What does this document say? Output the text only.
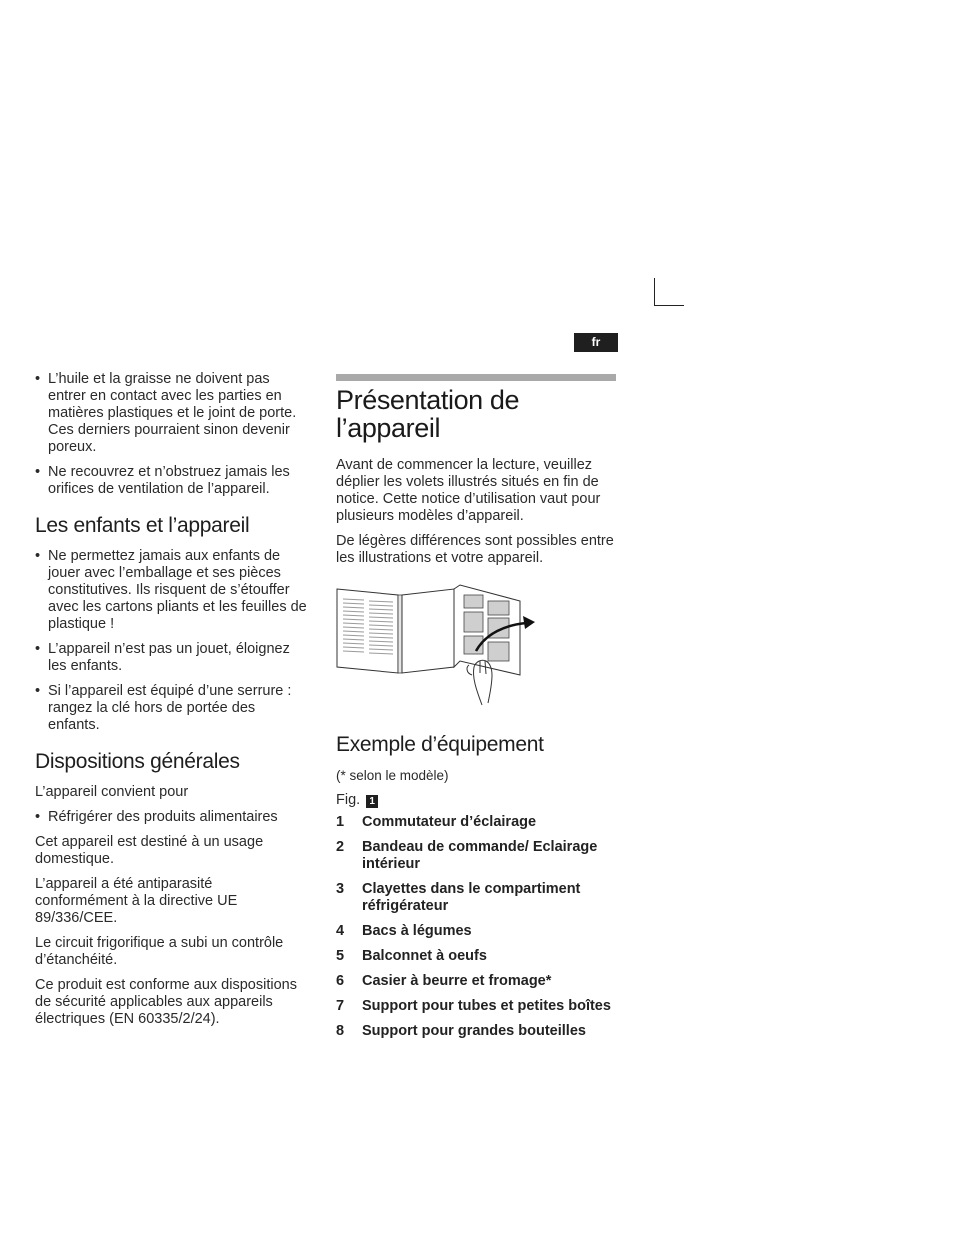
fr
• L’huile et la graisse ne doivent pas entrer en contact avec les parties en matières plastiques et le joint de porte. Ces derniers pourraient sinon devenir poreux.
• Ne recouvrez et n’obstruez jamais les orifices de ventilation de l’appareil.
Les enfants et l’appareil
• Ne permettez jamais aux enfants de jouer avec l’emballage et ses pièces constitutives. Ils risquent de s’étouffer avec les cartons pliants et les feuilles de plastique !
• L’appareil n’est pas un jouet, éloignez les enfants.
• Si l’appareil est équipé d’une serrure : rangez la clé hors de portée des enfants.
Dispositions générales

L’appareil convient pour

• Réfrigérer des produits alimentaires

Cet appareil est destiné à un usage domestique.

L’appareil a été antiparasité conformément à la directive UE 89/336/CEE.

Le circuit frigorifique a subi un contrôle d’étanchéité.

Ce produit est conforme aux dispositions de sécurité applicables aux appareils électriques (EN 60335/2/24).

Présentation de l’appareil

Avant de commencer la lecture, veuillez déplier les volets illustrés situés en fin de notice. Cette notice d’utilisation vaut pour plusieurs modèles d’appareil.

De légères différences sont possibles entre les illustrations et votre appareil.

Exemple d’équipement

(* selon le modèle)

Fig. 1
1	Commutateur d’éclairage
2	Bandeau de commande/ Eclairage intérieur
3	Clayettes dans le compartiment réfrigérateur
4	Bacs à légumes
5	Balconnet à oeufs
6	Casier à beurre et fromage*
7	Support pour tubes et petites boîtes
8	Support pour grandes bouteilles
